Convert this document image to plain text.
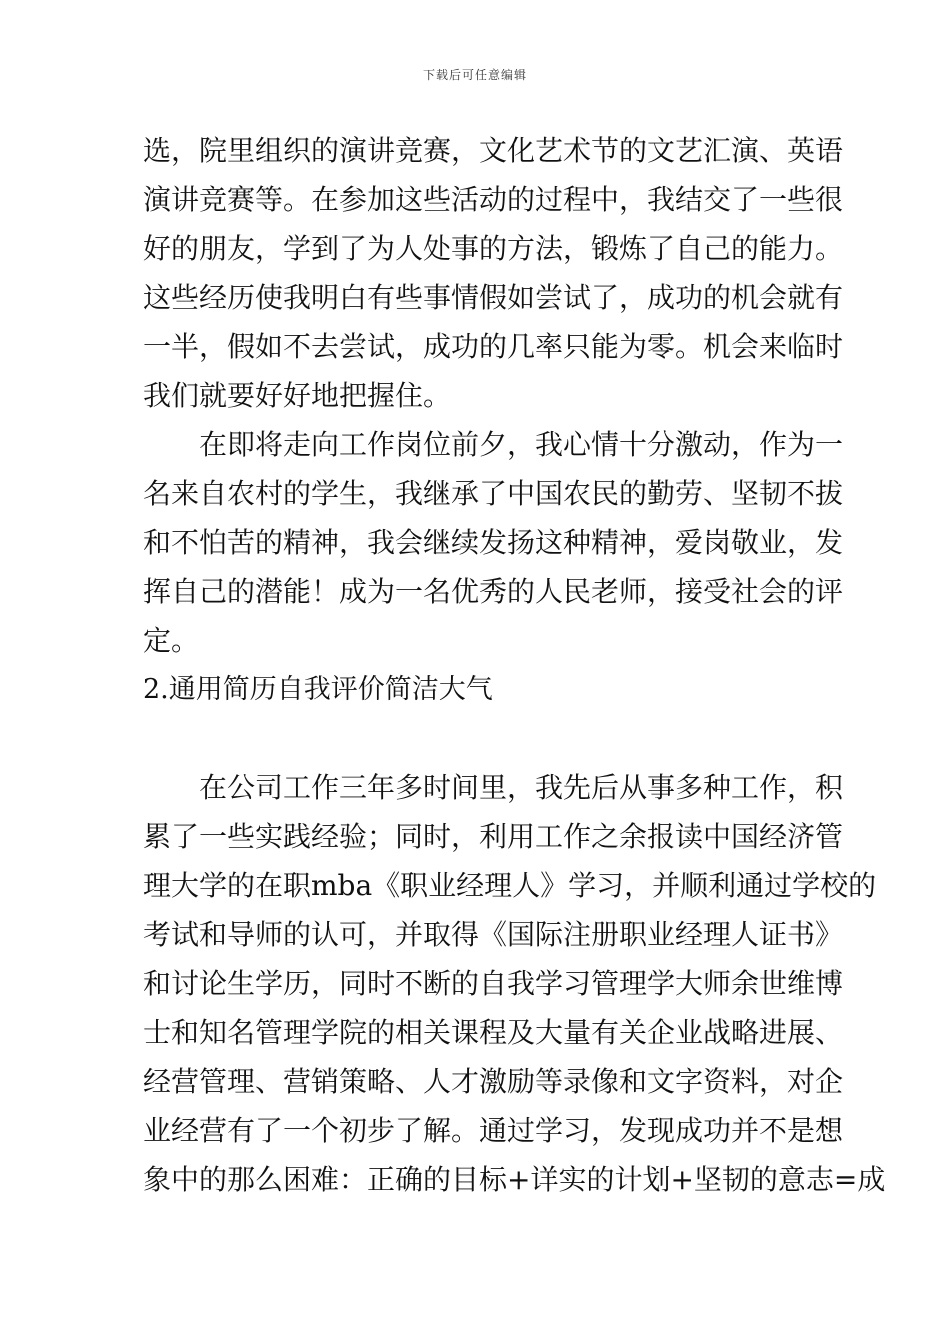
下载后可任意编辑
选，院里组织的演讲竞赛，文化艺术节的文艺汇演、英语
演讲竞赛等。在参加这些活动的过程中，我结交了一些很
好的朋友，学到了为人处事的方法，锻炼了自己的能力。
这些经历使我明白有些事情假如尝试了，成功的机会就有
一半，假如不去尝试，成功的几率只能为零。机会来临时
我们就要好好地把握住。
在即将走向工作岗位前夕，我心情十分激动，作为一
名来自农村的学生，我继承了中国农民的勤劳、坚韧不拔
和不怕苦的精神，我会继续发扬这种精神，爱岗敬业，发
挥自己的潜能！成为一名优秀的人民老师，接受社会的评
定。
2.通用简历自我评价简洁大气
在公司工作三年多时间里，我先后从事多种工作，积
累了一些实践经验；同时，利用工作之余报读中国经济管
理大学的在职mba《职业经理人》学习，并顺利通过学校的
考试和导师的认可，并取得《国际注册职业经理人证书》
和讨论生学历，同时不断的自我学习管理学大师余世维博
士和知名管理学院的相关课程及大量有关企业战略进展、
经营管理、营销策略、人才激励等录像和文字资料，对企
业经营有了一个初步了解。通过学习，发现成功并不是想
象中的那么困难：正确的目标+详实的计划+坚韧的意志=成
